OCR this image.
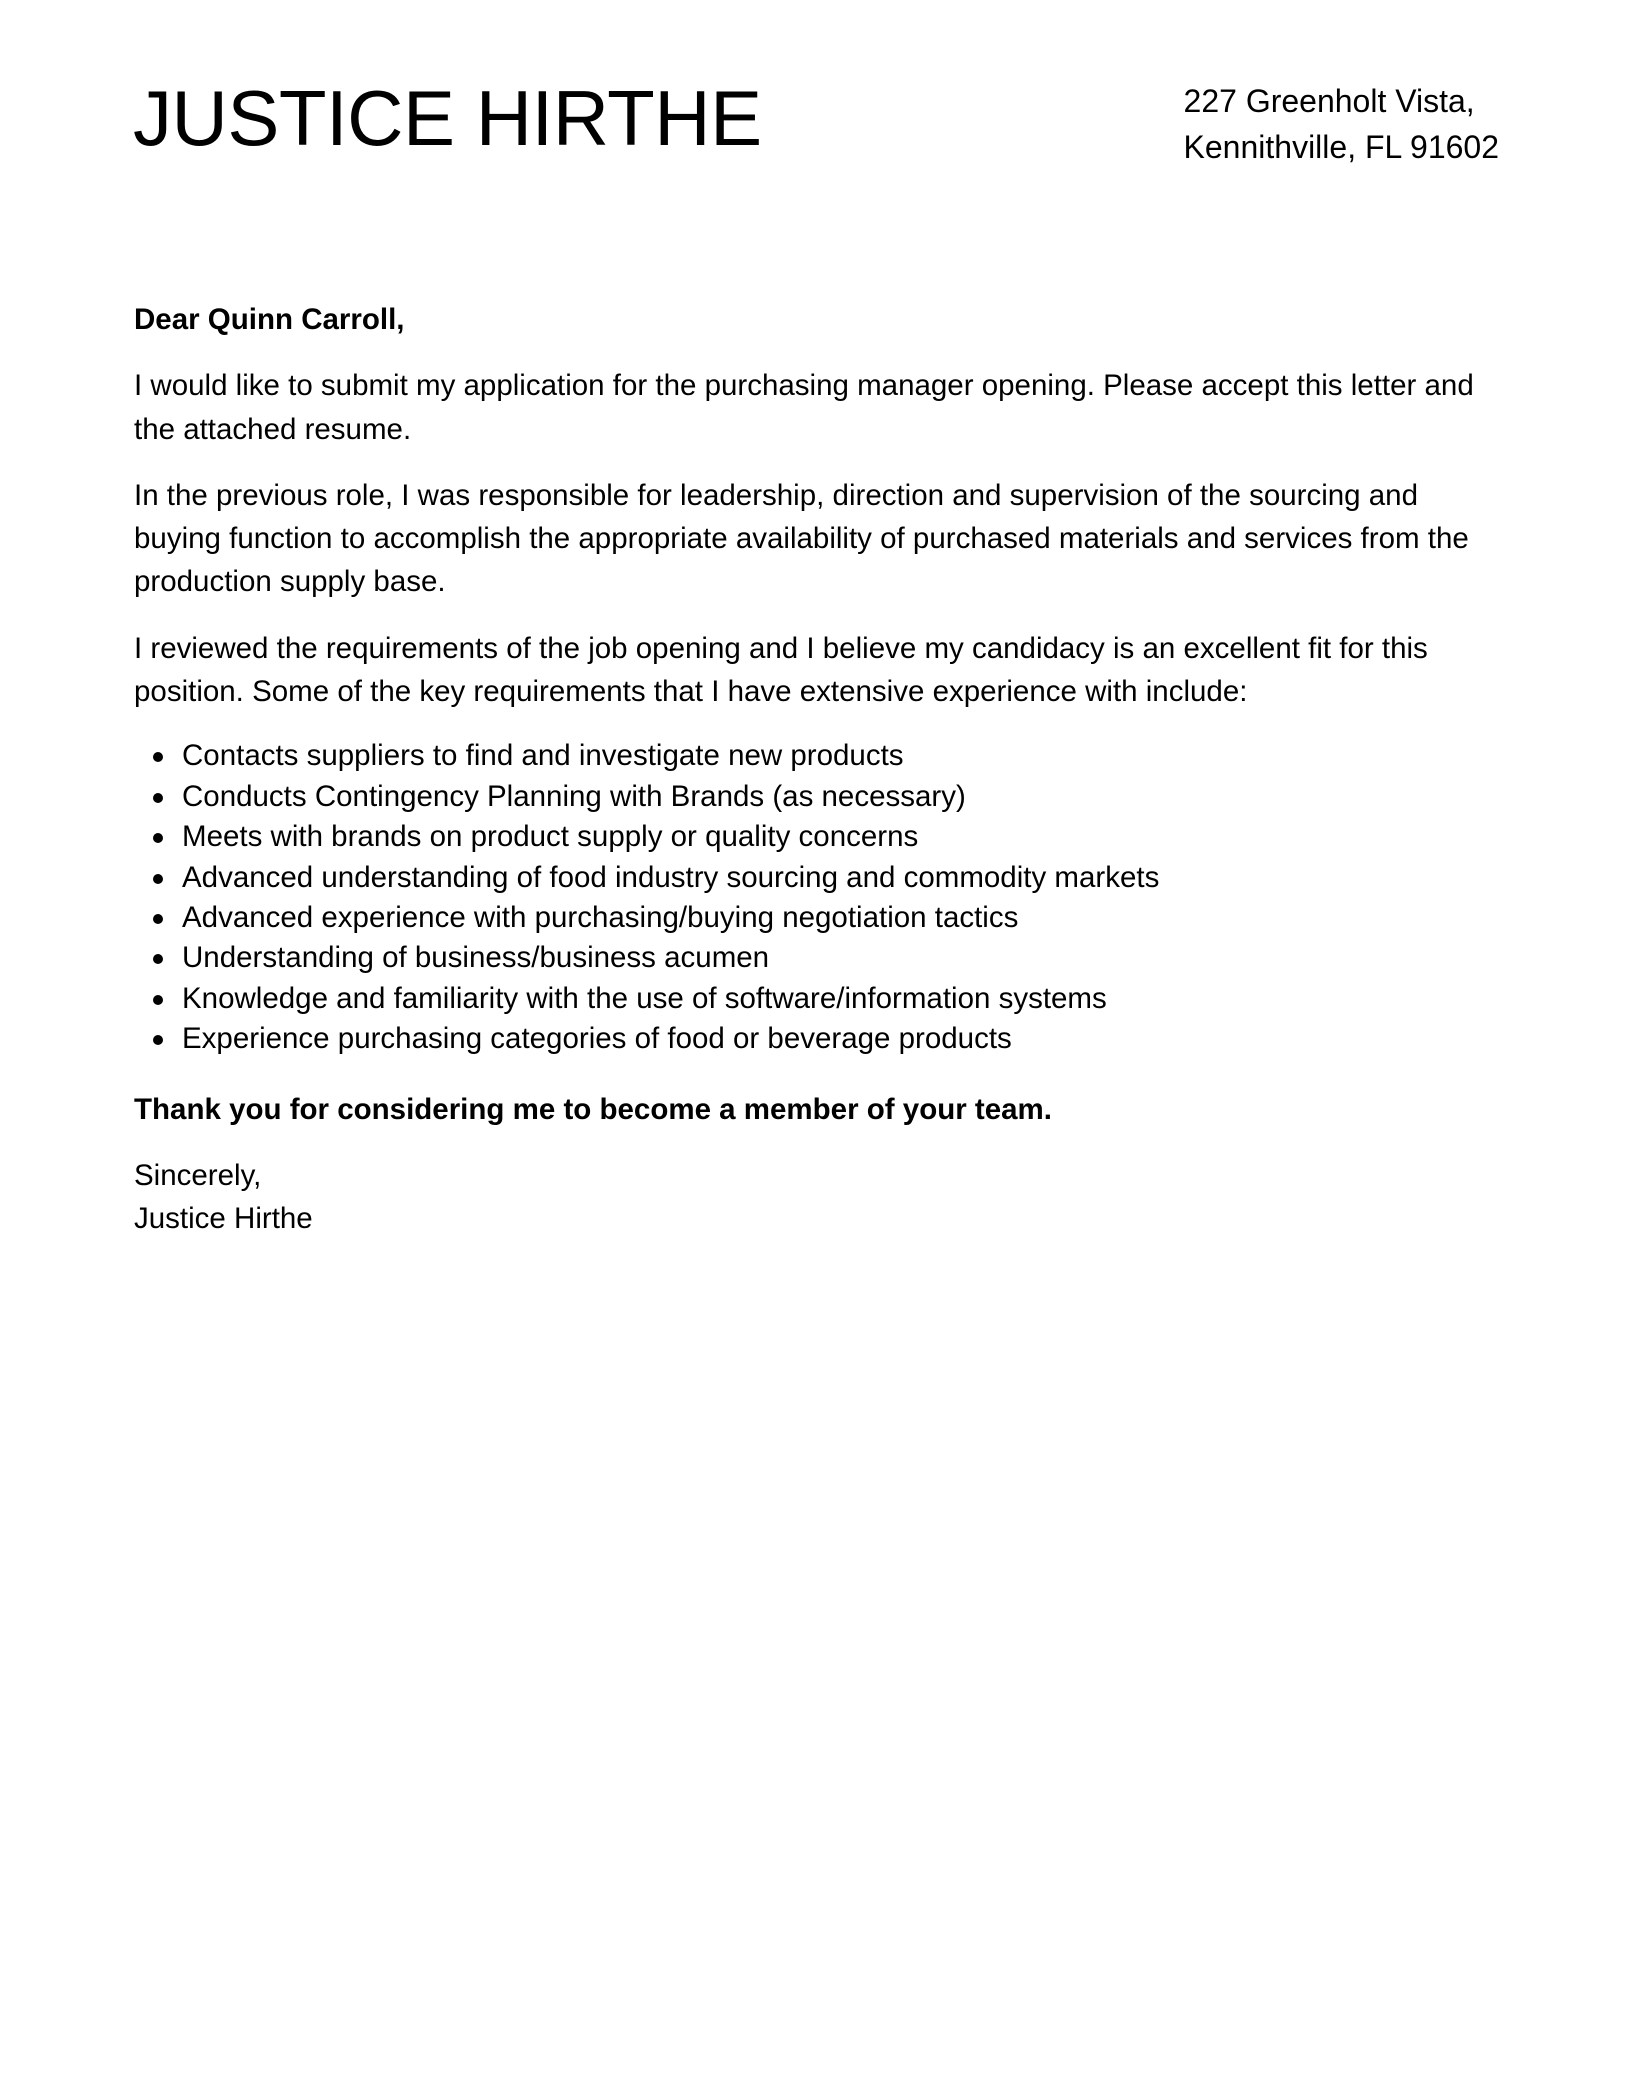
JUSTICE HIRTHE	227 Greenholt Vista,
Kennithville, FL 91602

Dear Quinn Carroll,

I would like to submit my application for the purchasing manager opening. Please accept this letter and the attached resume.

In the previous role, I was responsible for leadership, direction and supervision of the sourcing and buying function to accomplish the appropriate availability of purchased materials and services from the production supply base.

I reviewed the requirements of the job opening and I believe my candidacy is an excellent fit for this position. Some of the key requirements that I have extensive experience with include:

Contacts suppliers to find and investigate new products
Conducts Contingency Planning with Brands (as necessary)
Meets with brands on product supply or quality concerns
Advanced understanding of food industry sourcing and commodity markets
Advanced experience with purchasing/buying negotiation tactics
Understanding of business/business acumen
Knowledge and familiarity with the use of software/information systems
Experience purchasing categories of food or beverage products

Thank you for considering me to become a member of your team.

Sincerely,
Justice Hirthe
